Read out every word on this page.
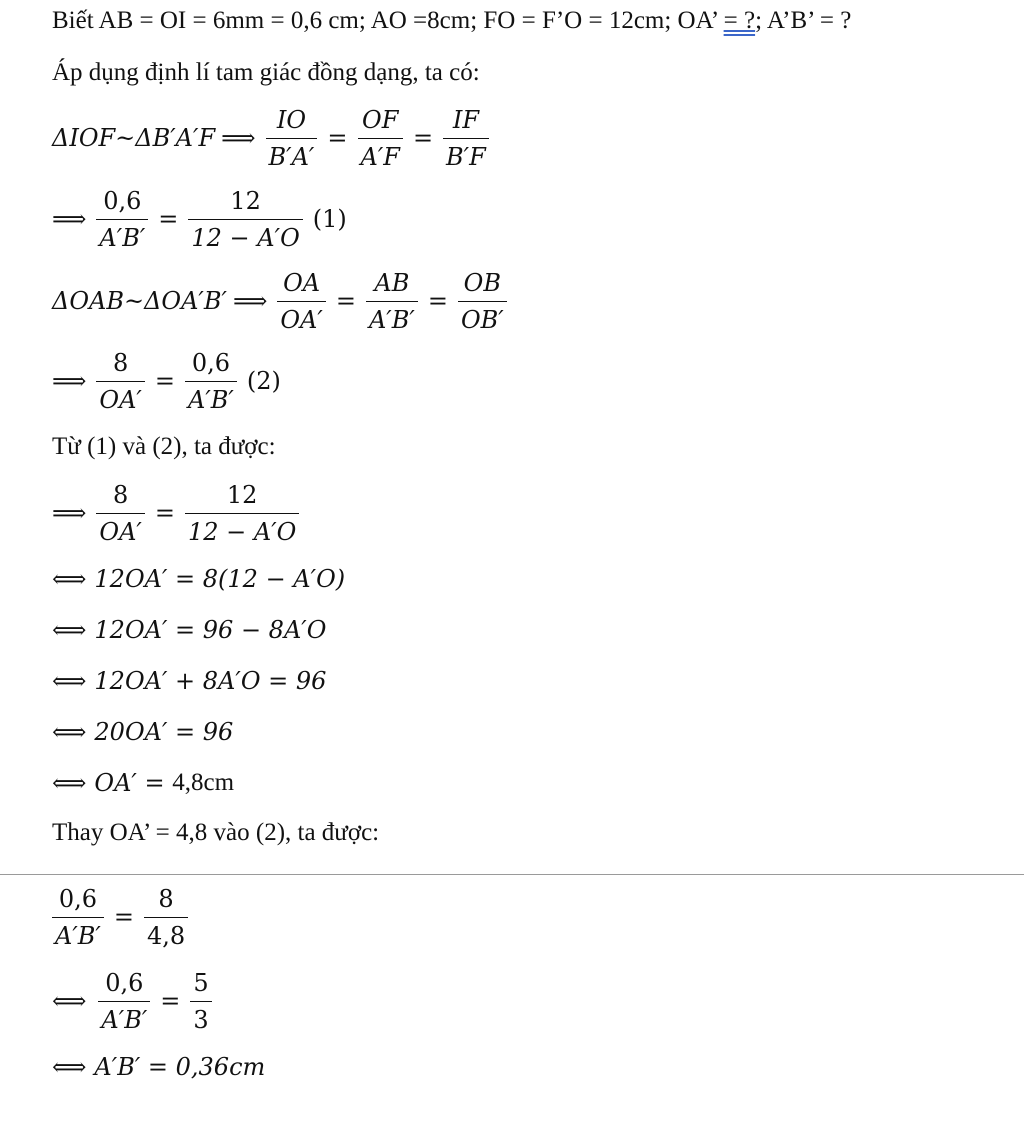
Biết AB = OI = 6mm = 0,6 cm; AO =8cm; FO = F’O = 12cm; OA’ = ?; A’B’ = ?
Áp dụng định lí tam giác đồng dạng, ta có:
ΔIOF~ΔB′A′F ⟹ $\frac{IO}{B'A'} = \frac{OF}{A'F} = \frac{IF}{B'F}$
⟹ $\frac{0,6}{A'B'} = \frac{12}{12 - A'O} (1)$
ΔOAB~ΔOA′B′ ⟹ $\frac{OA}{OA'} = \frac{AB}{A'B'} = \frac{OB}{OB'}$
⟹ $\frac{8}{OA'} = \frac{0,6}{A'B'} (2)$
Từ (1) và (2), ta được:
⟹ $\frac{8}{OA'} = \frac{12}{12 - A'O}$
⟺ 12OA′ = 8(12 − A′O)
⟺ 12OA′ = 96 − 8A′O
⟺ 12OA′ + 8A′O = 96
⟺ 20OA′ = 96
⟺ OA′ = 4,8cm
Thay OA’ = 4,8 vào (2), ta được:
$\frac{0,6}{A'B'} = \frac{8}{4,8}$
⟺ $\frac{0,6}{A'B'} = \frac{5}{3}$
⟺ A′B′ = 0,36cm
